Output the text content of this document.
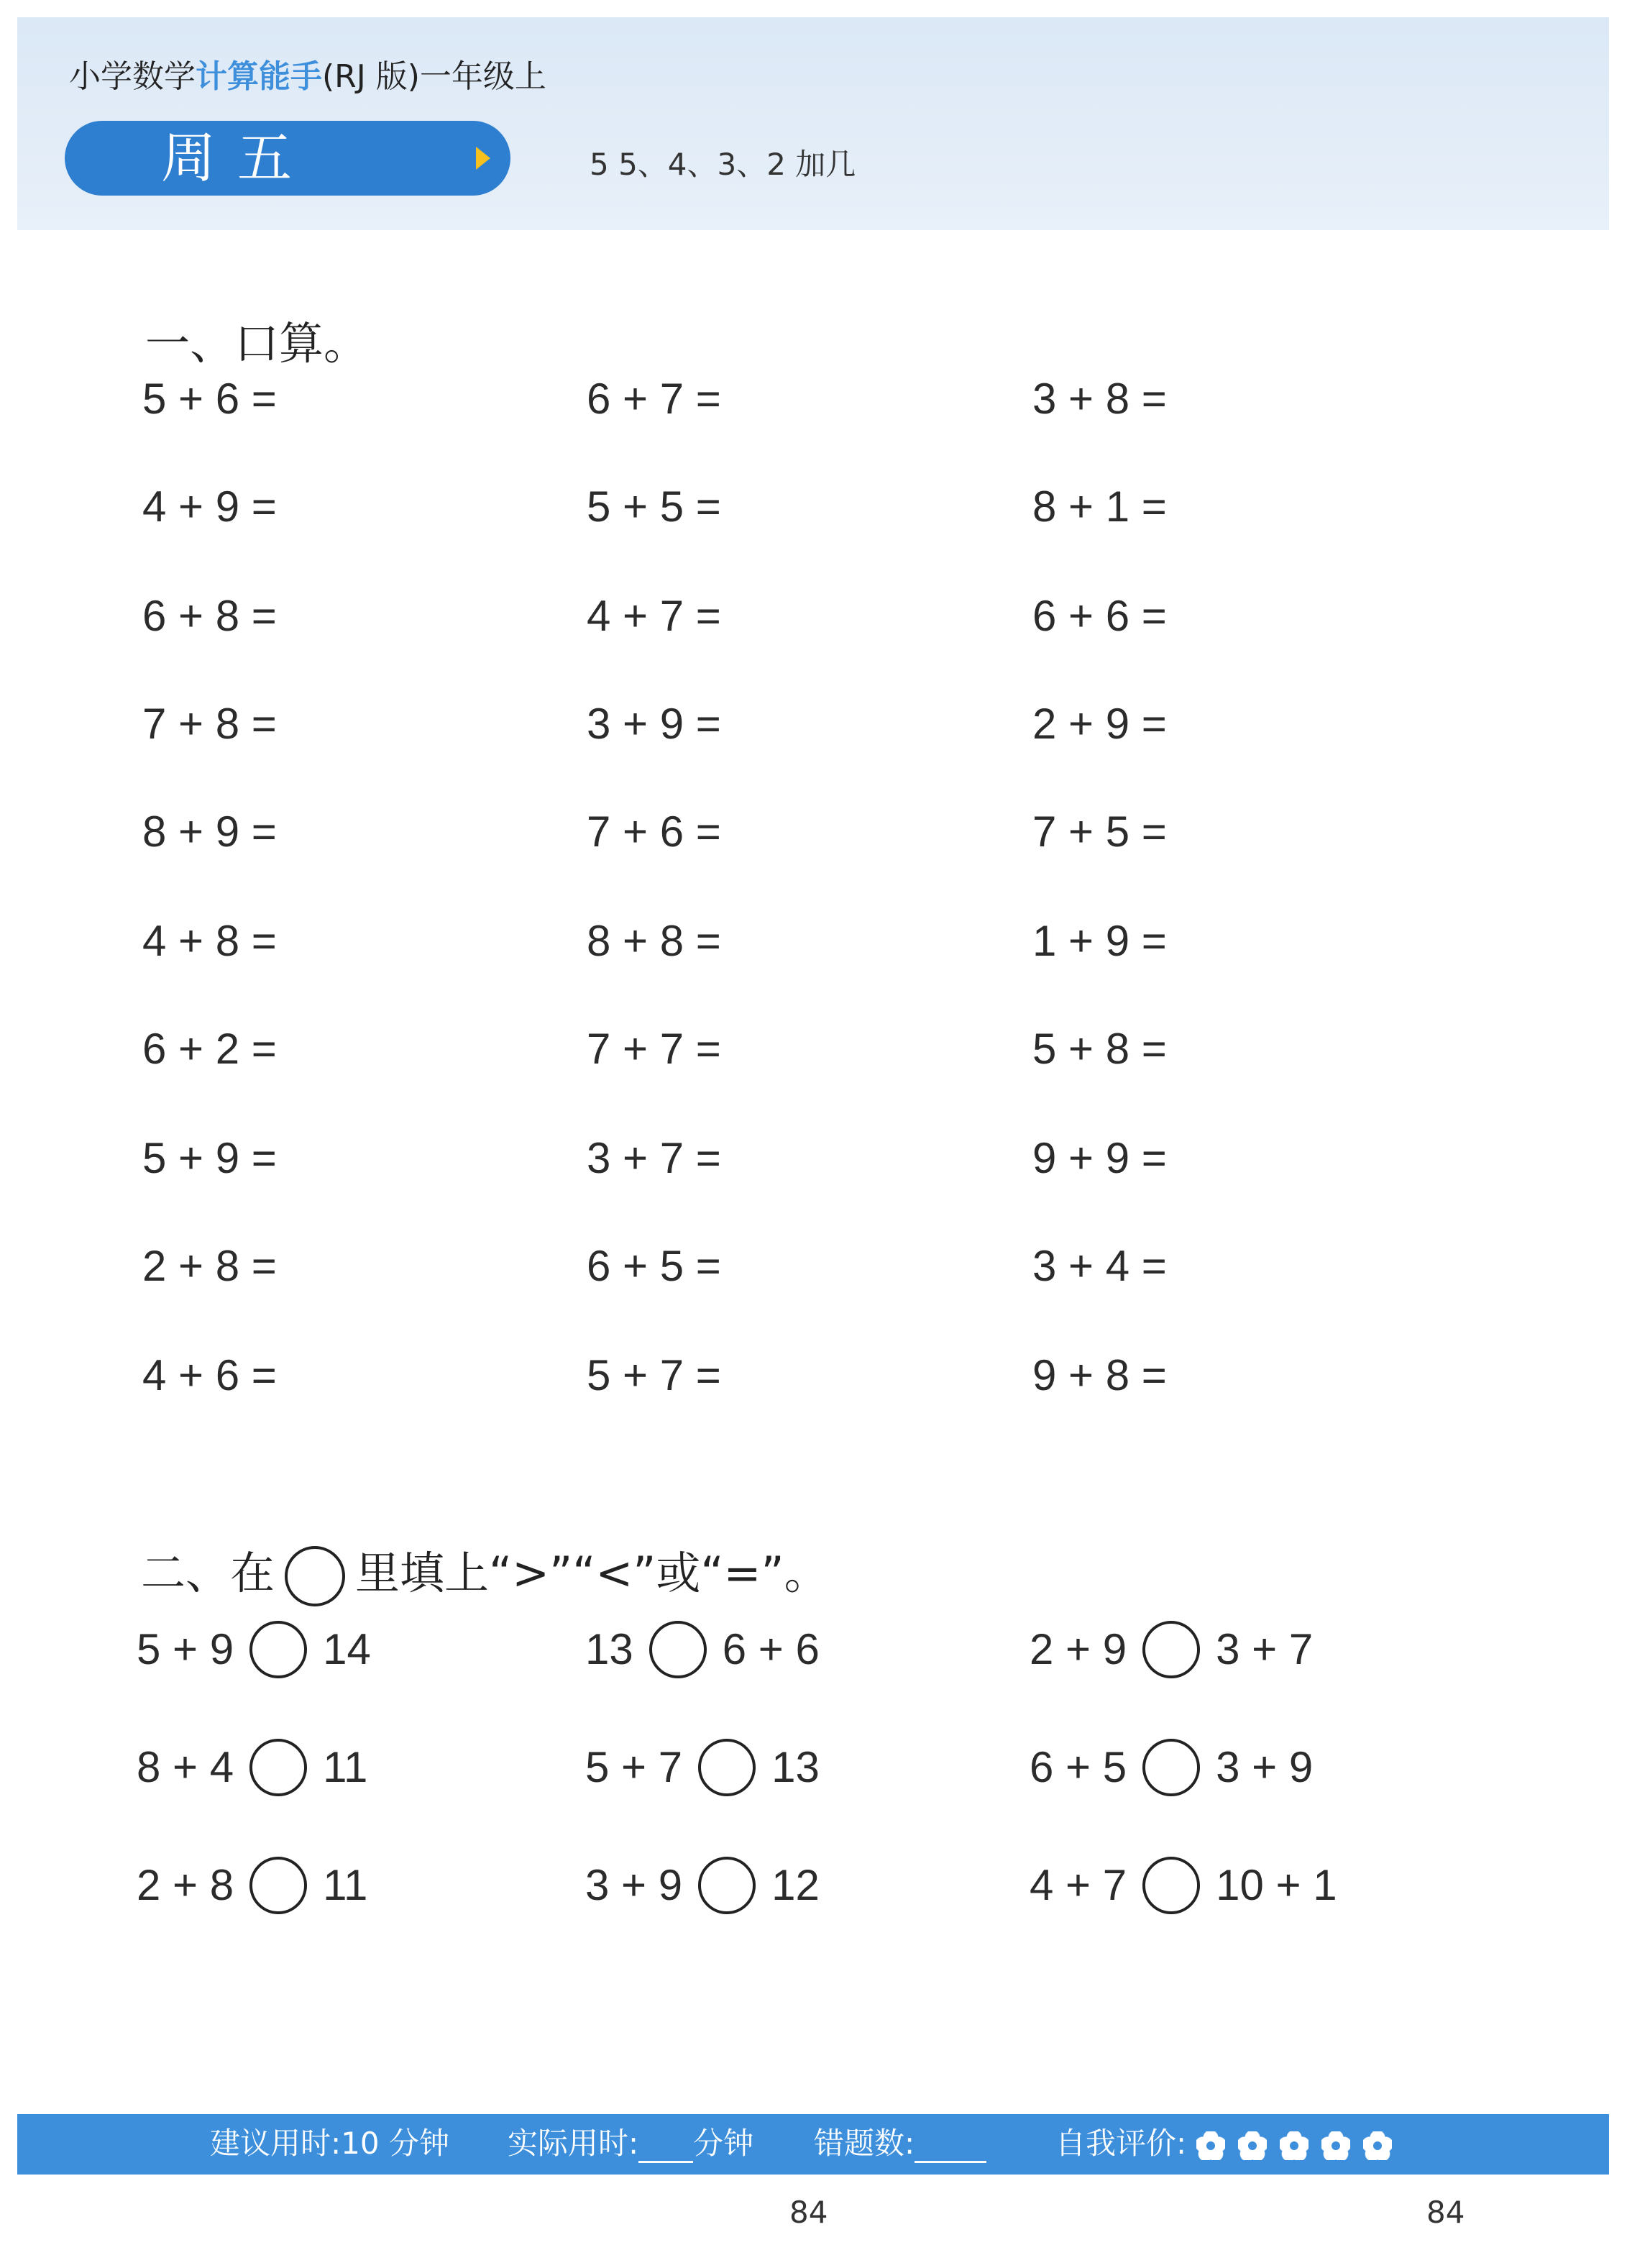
小学数学计算能手(RJ 版)一年级上
周五	5 5、4、3、2 加几
一、口算。
5 + 6 =	6 + 7 =	3 + 8 =
4 + 9 =	5 + 5 =	8 + 1 =
6 + 8 =	4 + 7 =	6 + 6 =
7 + 8 =	3 + 9 =	2 + 9 =
8 + 9 =	7 + 6 =	7 + 5 =
4 + 8 =	8 + 8 =	1 + 9 =
6 + 2 =	7 + 7 =	5 + 8 =
5 + 9 =	3 + 7 =	9 + 9 =
2 + 8 =	6 + 5 =	3 + 4 =
4 + 6 =	5 + 7 =	9 + 8 =
二、在 里填上“>”“<”或“=”。
5 + 9 14	13 6 + 6	2 + 9 3 + 7
8 + 4 11	5 + 7 13	6 + 5 3 + 9
2 + 8 11	3 + 9 12	4 + 7 10 + 1
建议用时:10 分钟 实际用时: 分钟 错题数:	自我评价:
84	84
